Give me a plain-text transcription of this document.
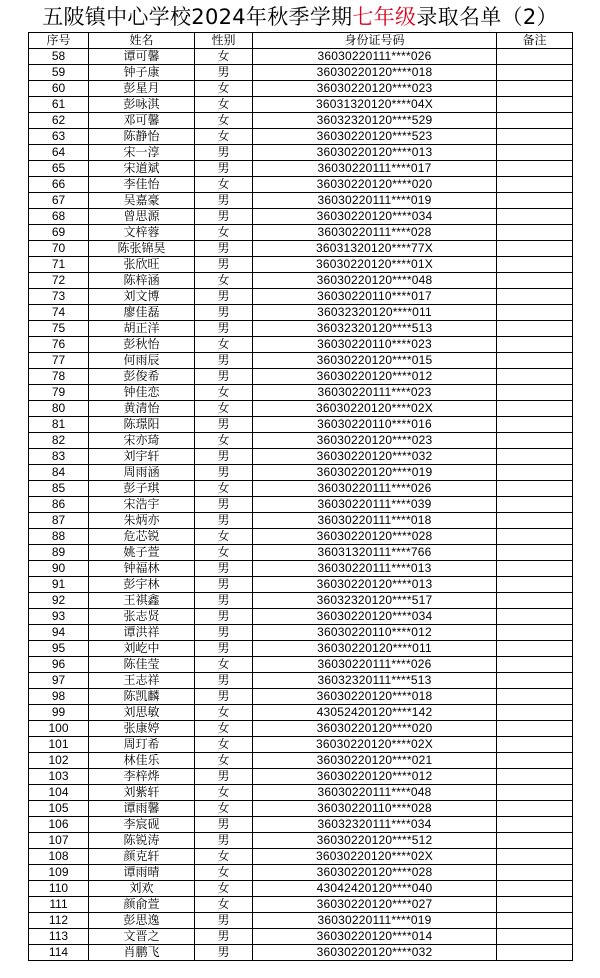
五陂镇中心学校2024年秋季学期七年级录取名单（2）
序号	姓名	性别	身份证号码	备注
58	谭可馨	女	36030220111****026	
59	钟子康	男	36030220120****018	
60	彭星月	女	36030220120****023	
61	彭咏淇	女	36031320120****04X	
62	邓可馨	女	36032320120****529	
63	陈静怡	女	36030220120****523	
64	宋一淳	男	36030220120****013	
65	宋道斌	男	36030220111****017	
66	李佳怡	女	36030220120****020	
67	吴嘉豪	男	36030220111****019	
68	曾思源	男	36030220120****034	
69	文梓蓉	女	36030220111****028	
70	陈张锦昊	男	36031320120****77X	
71	张欣旺	男	36030220120****01X	
72	陈梓涵	女	36030220120****048	
73	刘文博	男	36030220110****017	
74	廖佳磊	男	36032320120****011	
75	胡正洋	男	36032320120****513	
76	彭秋怡	女	36030220110****023	
77	何雨辰	男	36030220120****015	
78	彭俊希	男	36030220120****012	
79	钟佳恋	女	36030220111****023	
80	黄清怡	女	36030220120****02X	
81	陈璟阳	男	36030220110****016	
82	宋亦琦	女	36030220120****023	
83	刘宇轩	男	36030220120****032	
84	周雨涵	男	36030220120****019	
85	彭子琪	女	36030220111****026	
86	宋浩宇	男	36030220111****039	
87	朱炳亦	男	36030220111****018	
88	危芯锐	女	36030220120****028	
89	姚子萱	女	36031320111****766	
90	钟福林	男	36030220111****013	
91	彭宇林	男	36030220120****013	
92	王祺鑫	男	36032320120****517	
93	张志贤	男	36030220120****034	
94	谭洪祥	男	36030220110****012	
95	刘屹中	男	36030220120****011	
96	陈佳莹	女	36030220111****026	
97	王志祥	男	36032320111****513	
98	陈凯麟	男	36030220120****018	
99	刘思敏	女	43052420120****142	
100	张康婷	女	36030220120****020	
101	周玎希	女	36030220120****02X	
102	林佳乐	女	36030220120****021	
103	李梓烨	男	36030220120****012	
104	刘紫轩	女	36030220111****048	
105	谭雨馨	女	36030220110****028	
106	李宸砚	男	36032320111****034	
107	陈锐涛	男	36030220120****512	
108	颜克轩	女	36030220120****02X	
109	谭雨晴	女	36030220120****028	
110	刘欢	女	43042420120****040	
111	颜俞萱	女	36030220120****027	
112	彭思逸	男	36030220111****019	
113	文晋之	男	36030220120****014	
114	肖鹏飞	男	36030220120****032	
